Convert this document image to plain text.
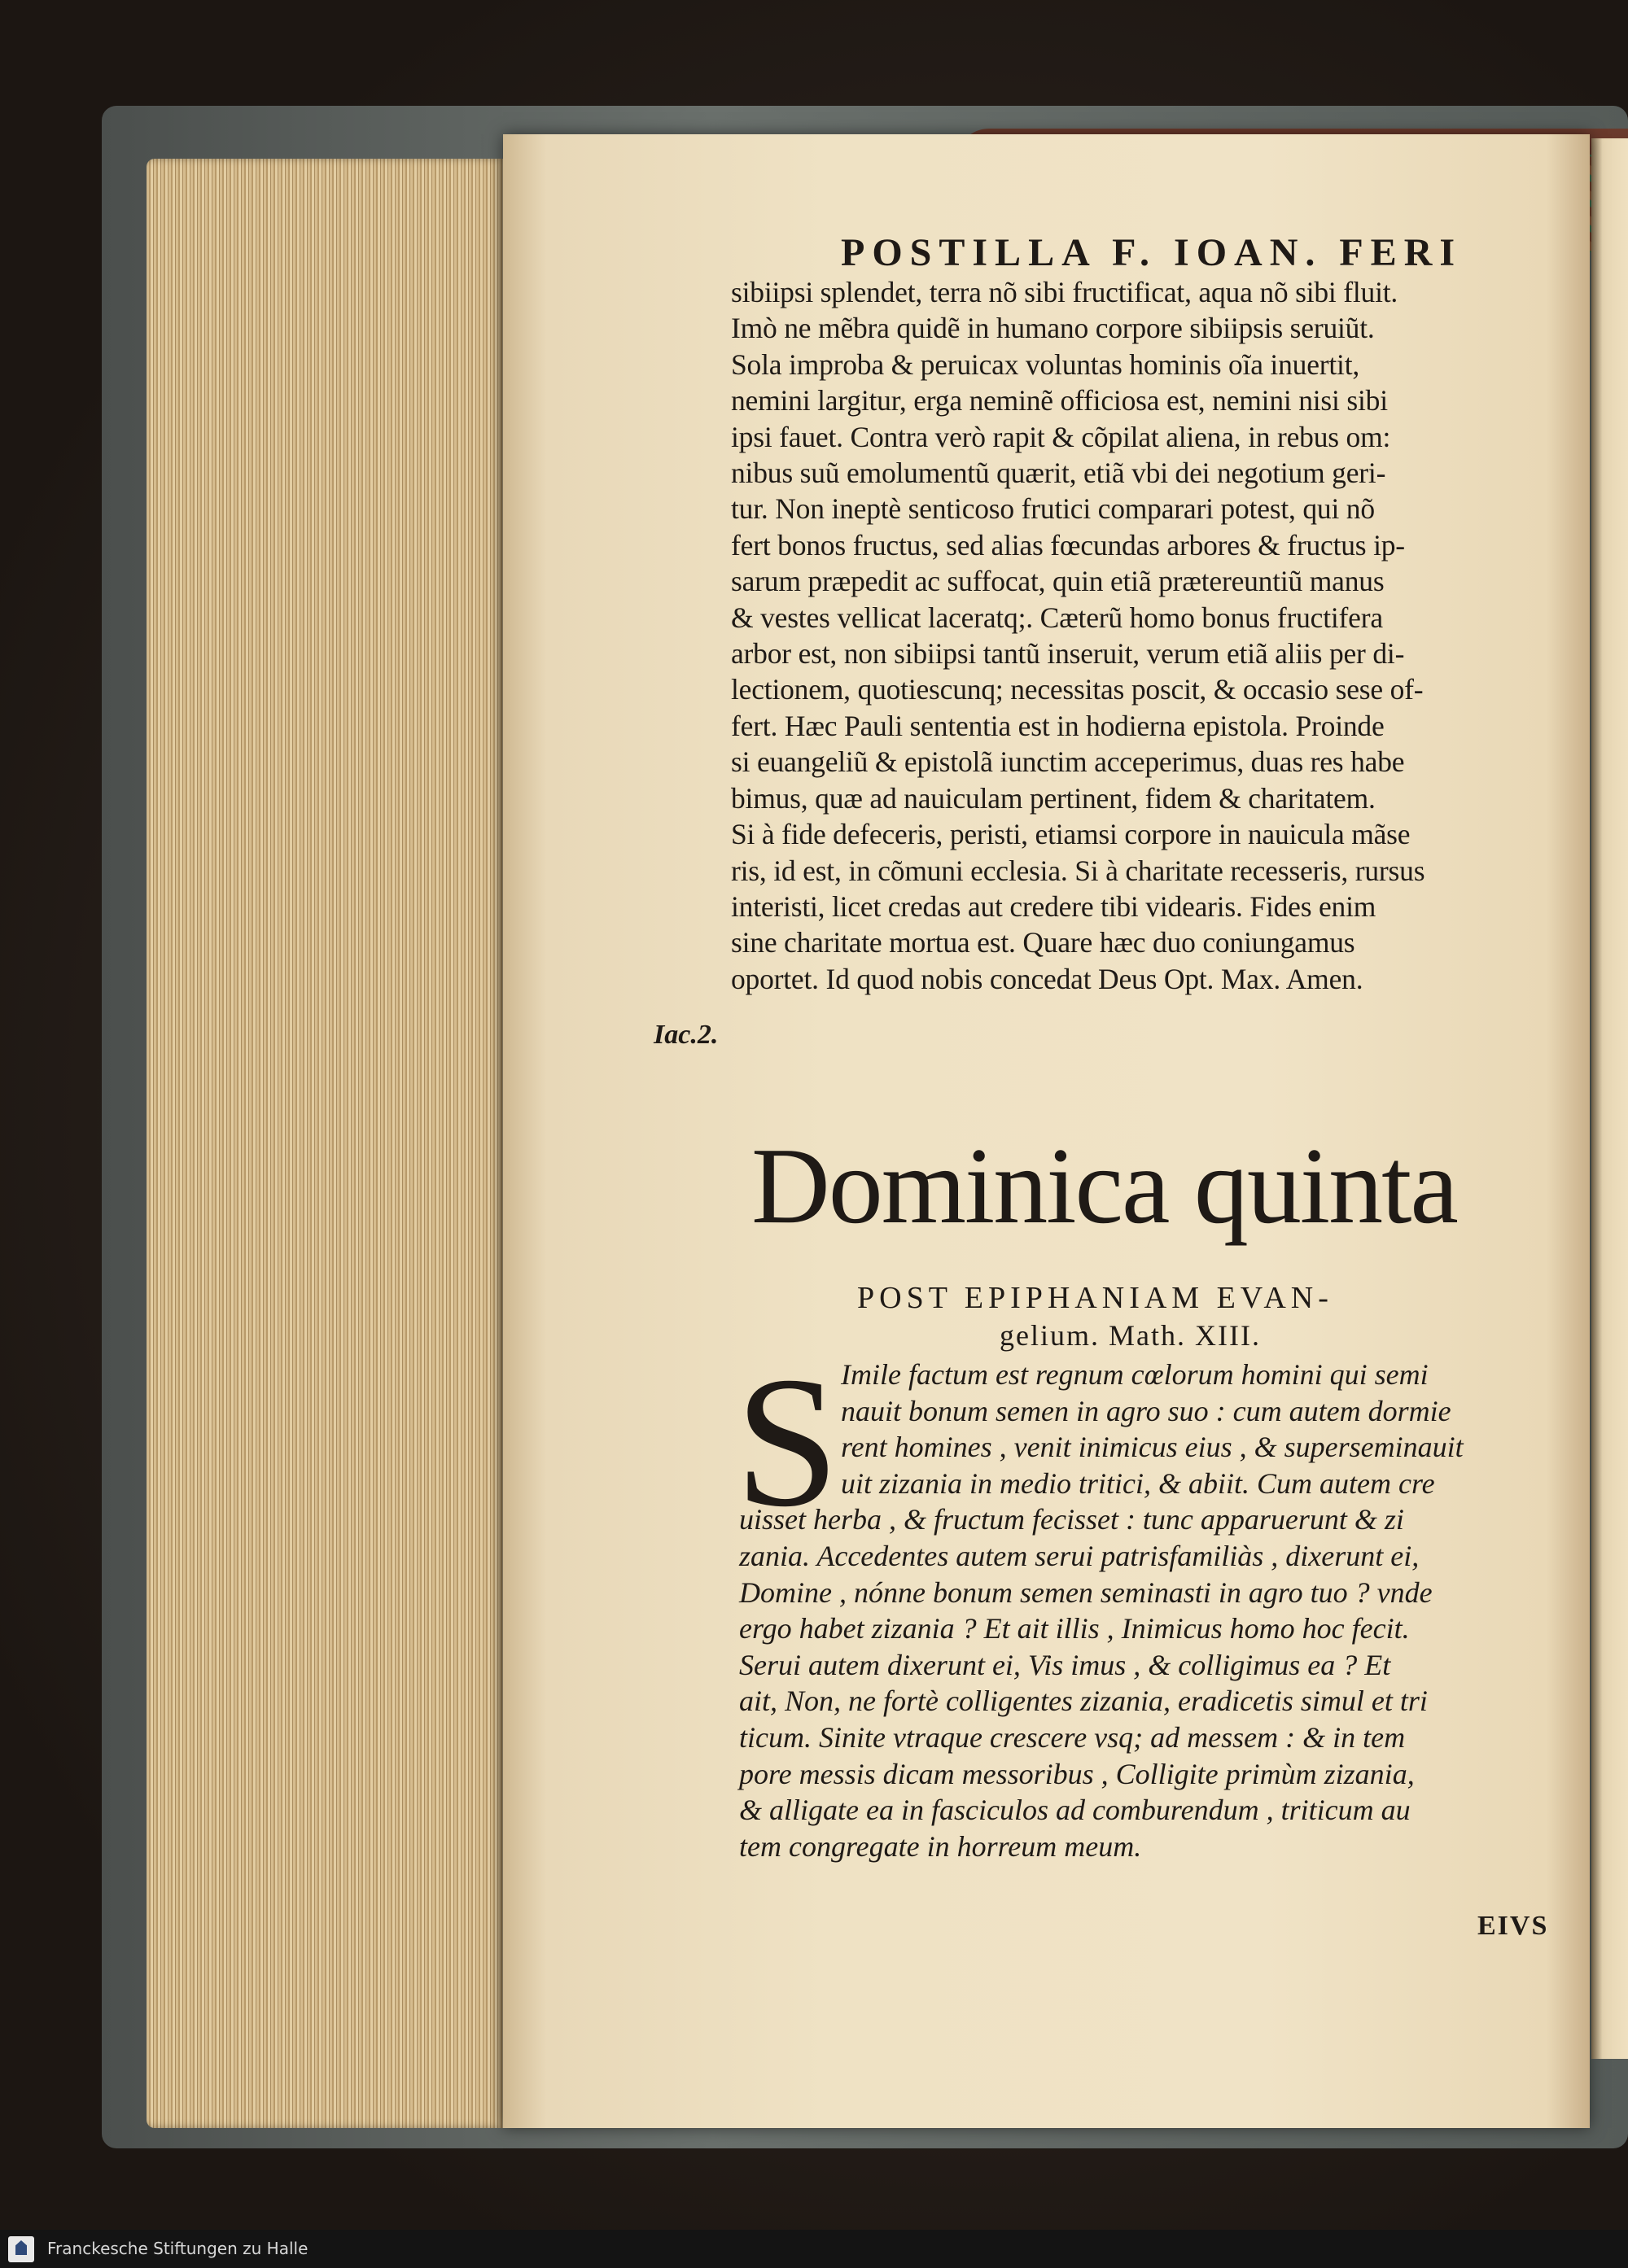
POSTILLA F. IOAN. FERI
sibiipsi splendet, terra nõ sibi fructificat, aqua nõ sibi fluit.
Imò ne mẽbra quidẽ in humano corpore sibiipsis seruiũt.
Sola improba & peruicax voluntas hominis oĩa inuertit,
nemini largitur, erga neminẽ officiosa est, nemini nisi sibi
ipsi fauet. Contra verò rapit & cõpilat aliena, in rebus om:
nibus suũ emolumentũ quærit, etiã vbi dei negotium geri-
tur. Non ineptè senticoso frutici comparari potest, qui nõ
fert bonos fructus, sed alias fœcundas arbores & fructus ip-
sarum præpedit ac suffocat, quin etiã prætereuntiũ manus
& vestes vellicat laceratq;. Cæterũ homo bonus fructifera
arbor est, non sibiipsi tantũ inseruit, verum etiã aliis per di-
lectionem, quotiescunq; necessitas poscit, & occasio sese of-
fert. Hæc Pauli sententia est in hodierna epistola. Proinde
si euangeliũ & epistolã iunctim acceperimus, duas res habe
bimus, quæ ad nauiculam pertinent, fidem & charitatem.
Si à fide defeceris, peristi, etiamsi corpore in nauicula mãse
ris, id est, in cõmuni ecclesia. Si à charitate recesseris, rursus
interisti, licet credas aut credere tibi videaris. Fides enim
sine charitate mortua est. Quare hæc duo coniungamus
oportet. Id quod nobis concedat Deus Opt. Max. Amen.
Iac.2.
Dominica quinta
POST EPIPHANIAM EVAN-
gelium. Math. XIII.
S Imile factum est regnum cœlorum homini qui semi
nauit bonum semen in agro suo : cum autem dormie
rent homines , venit inimicus eius , & superseminauit
uit zizania in medio tritici, & abiit. Cum autem cre
uisset herba , & fructum fecisset : tunc apparuerunt & zi
zania. Accedentes autem serui patrisfamiliàs , dixerunt ei,
Domine , nónne bonum semen seminasti in agro tuo ? vnde
ergo habet zizania ? Et ait illis , Inimicus homo hoc fecit.
Serui autem dixerunt ei, Vis imus , & colligimus ea ? Et
ait, Non, ne fortè colligentes zizania, eradicetis simul et tri
ticum. Sinite vtraque crescere vsq; ad messem : & in tem
pore messis dicam messoribus , Colligite primùm zizania,
& alligate ea in fasciculos ad comburendum , triticum au
tem congregate in horreum meum.
EIVS
Franckesche Stiftungen zu Halle
